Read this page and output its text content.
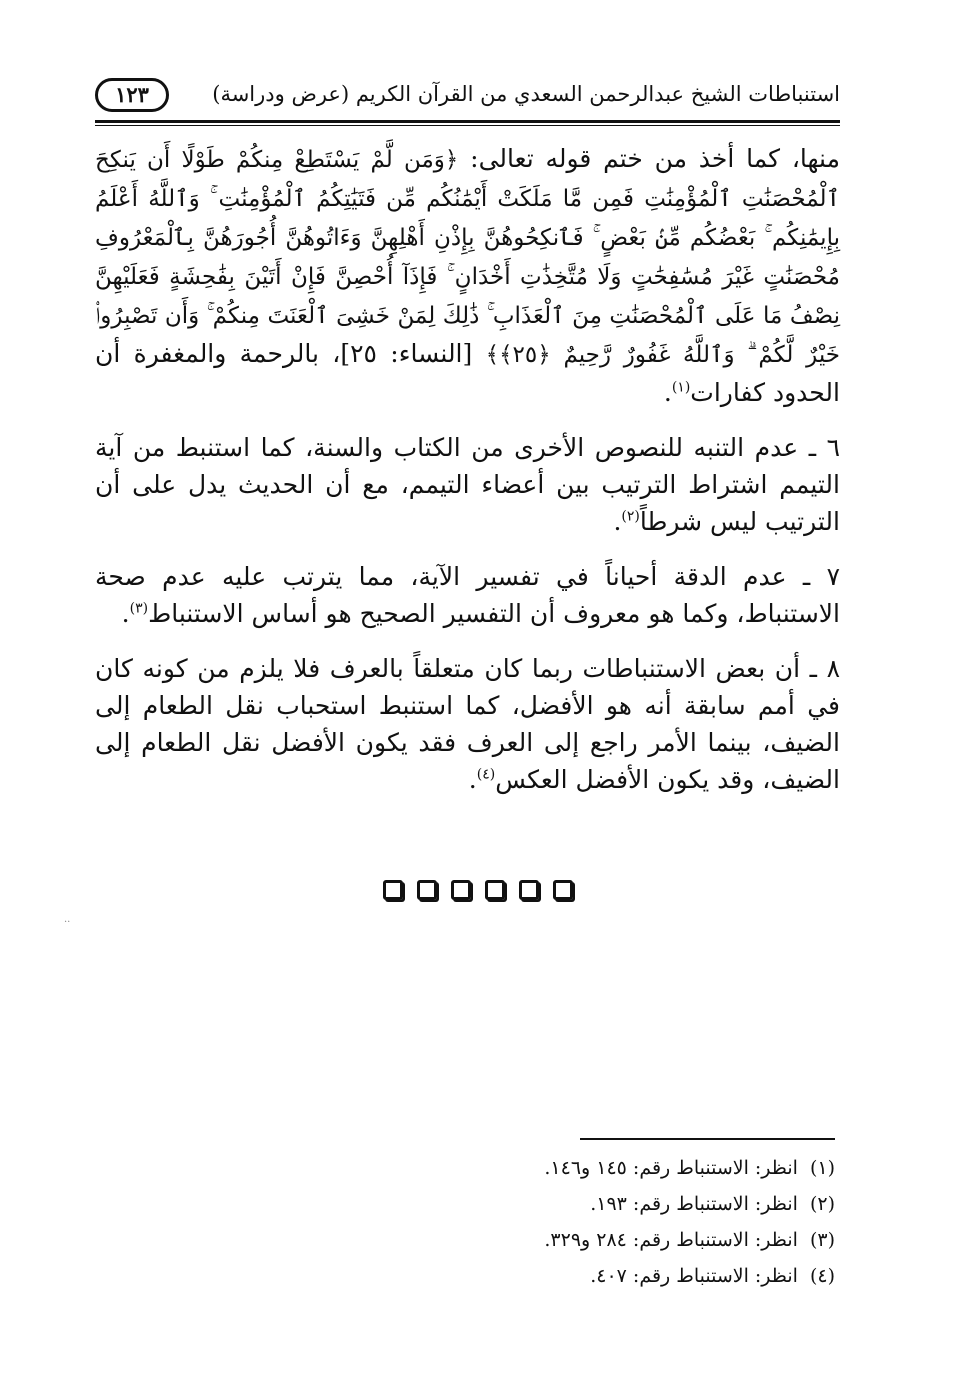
استنباطات الشيخ عبدالرحمن السعدي من القرآن الكريم (عرض ودراسة)
١٢٣

منها، كما أخذ من ختم قوله تعالى: ﴿وَمَن لَّمْ يَسْتَطِعْ مِنكُمْ طَوْلًا أَن يَنكِحَ ٱلْمُحْصَنَٰتِ ٱلْمُؤْمِنَٰتِ فَمِن مَّا مَلَكَتْ أَيْمَٰنُكُم مِّن فَتَيَٰتِكُمُ ٱلْمُؤْمِنَٰتِ ۚ وَٱللَّهُ أَعْلَمُ بِإِيمَٰنِكُم ۚ بَعْضُكُم مِّنۢ بَعْضٍ ۚ فَٱنكِحُوهُنَّ بِإِذْنِ أَهْلِهِنَّ وَءَاتُوهُنَّ أُجُورَهُنَّ بِٱلْمَعْرُوفِ مُحْصَنَٰتٍ غَيْرَ مُسَٰفِحَٰتٍ وَلَا مُتَّخِذَٰتِ أَخْدَانٍ ۚ فَإِذَآ أُحْصِنَّ فَإِنْ أَتَيْنَ بِفَٰحِشَةٍ فَعَلَيْهِنَّ نِصْفُ مَا عَلَى ٱلْمُحْصَنَٰتِ مِنَ ٱلْعَذَابِ ۚ ذَٰلِكَ لِمَنْ خَشِىَ ٱلْعَنَتَ مِنكُمْ ۚ وَأَن تَصْبِرُوا۟ خَيْرٌ لَّكُمْ ۗ وَٱللَّهُ غَفُورٌ رَّحِيمٌ ﴿٢٥﴾﴾ [النساء: ٢٥]، بالرحمة والمغفرة أن الحدود كفارات$^{(١)}$.

٦ ـ عدم التنبه للنصوص الأخرى من الكتاب والسنة، كما استنبط من آية التيمم اشتراط الترتيب بين أعضاء التيمم، مع أن الحديث يدل على أن الترتيب ليس شرطاً$^{(٢)}$.

٧ ـ عدم الدقة أحياناً في تفسير الآية، مما يترتب عليه عدم صحة الاستنباط، وكما هو معروف أن التفسير الصحيح هو أساس الاستنباط$^{(٣)}$.

٨ ـ أن بعض الاستنباطات ربما كان متعلقاً بالعرف فلا يلزم من كونه كان في أمم سابقة أنه هو الأفضل، كما استنبط استحباب نقل الطعام إلى الضيف، بينما الأمر راجع إلى العرف فقد يكون الأفضل نقل الطعام إلى الضيف، وقد يكون الأفضل العكس$^{(٤)}$.

..
(١)انظر: الاستنباط رقم: ١٤٥ و١٤٦.
(٢)انظر: الاستنباط رقم: ١٩٣.
(٣)انظر: الاستنباط رقم: ٢٨٤ و٣٢٩.
(٤)انظر: الاستنباط رقم: ٤٠٧.
